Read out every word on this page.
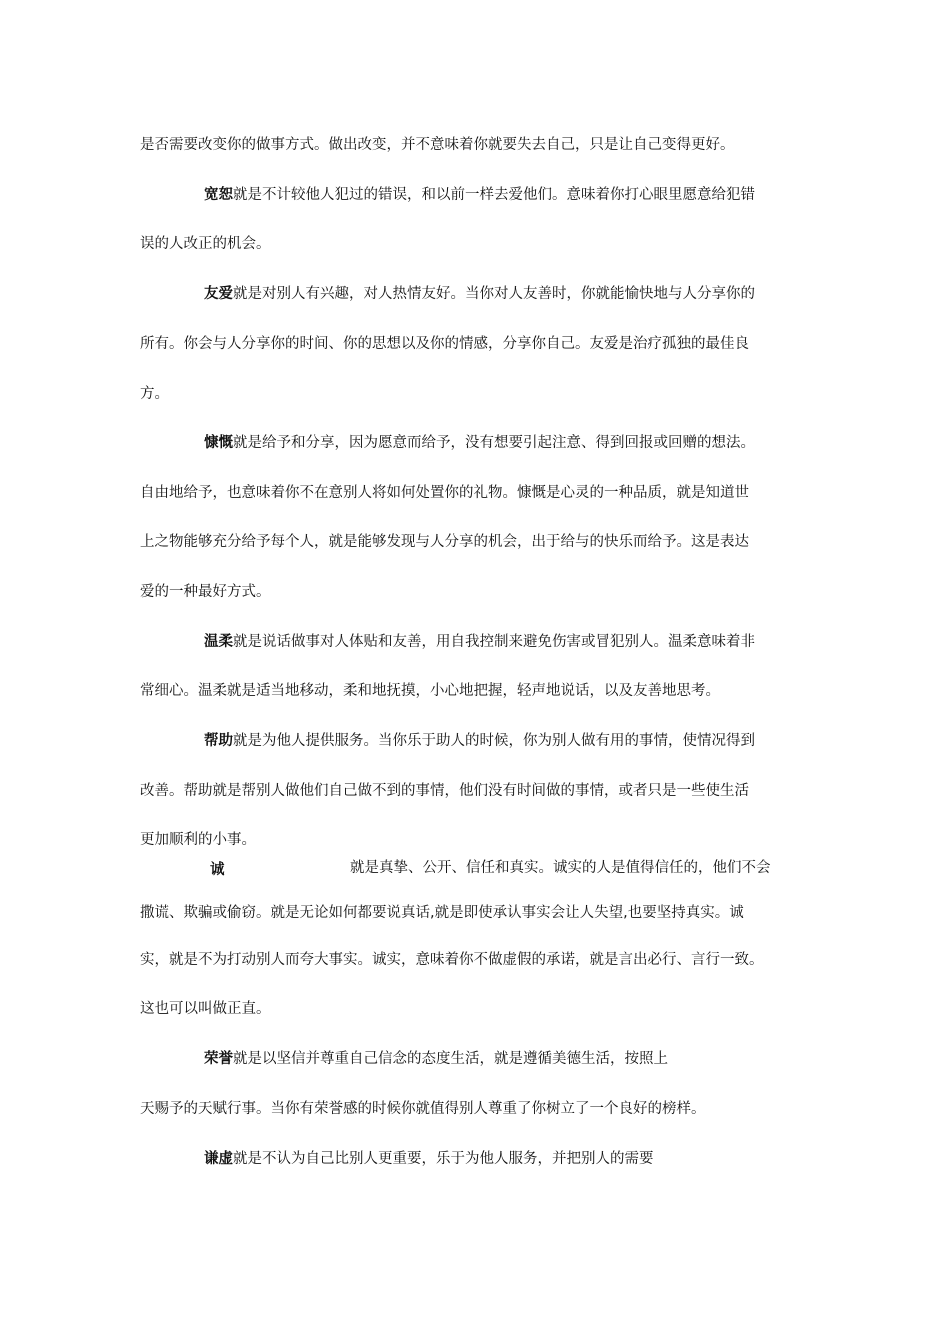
是否需要改变你的做事方式。做出改变，并不意味着你就要失去自己，只是让自己变得更好。
宽恕就是不计较他人犯过的错误，和以前一样去爱他们。意味着你打心眼里愿意给犯错
误的人改正的机会。
友爱就是对别人有兴趣，对人热情友好。当你对人友善时，你就能愉快地与人分享你的
所有。你会与人分享你的时间、你的思想以及你的情感，分享你自己。友爱是治疗孤独的最佳良
方。
慷慨就是给予和分享，因为愿意而给予，没有想要引起注意、得到回报或回赠的想法。
自由地给予，也意味着你不在意别人将如何处置你的礼物。慷慨是心灵的一种品质，就是知道世
上之物能够充分给予每个人，就是能够发现与人分享的机会，出于给与的快乐而给予。这是表达
爱的一种最好方式。
温柔就是说话做事对人体贴和友善，用自我控制来避免伤害或冒犯别人。温柔意味着非
常细心。温柔就是适当地移动，柔和地抚摸，小心地把握，轻声地说话，以及友善地思考。
帮助就是为他人提供服务。当你乐于助人的时候，你为别人做有用的事情，使情况得到
改善。帮助就是帮别人做他们自己做不到的事情，他们没有时间做的事情，或者只是一些使生活
更加顺利的小事。
诚	就是真挚、公开、信任和真实。诚实的人是值得信任的，他们不会
撒谎、欺骗或偷窃。就是无论如何都要说真话,就是即使承认事实会让人失望,也要坚持真实。诚
实，就是不为打动别人而夸大事实。诚实，意味着你不做虚假的承诺，就是言出必行、言行一致。
这也可以叫做正直。
荣誉就是以坚信并尊重自己信念的态度生活，就是遵循美德生活，按照上
天赐予的天赋行事。当你有荣誉感的时候你就值得别人尊重了你树立了一个良好的榜样。
谦虚就是不认为自己比别人更重要，乐于为他人服务，并把别人的需要
